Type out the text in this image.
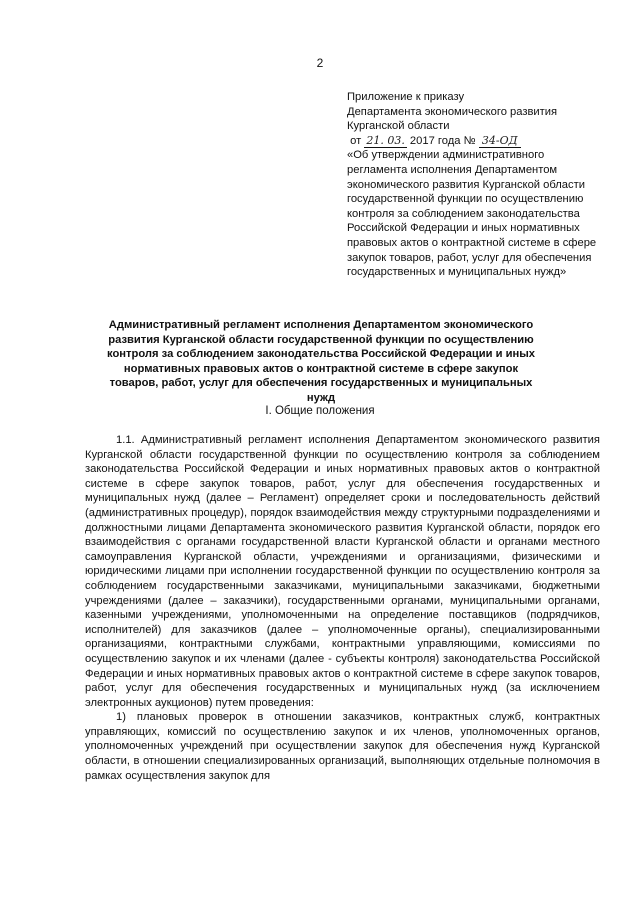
2
Приложение к приказу
Департамента экономического развития
Курганской области
от 21. 03. 2017 года № 34-ОД
«Об утверждении административного регламента исполнения Департаментом экономического развития Курганской области государственной функции по осуществлению контроля за соблюдением законодательства Российской Федерации и иных нормативных правовых актов о контрактной системе в сфере закупок товаров, работ, услуг для обеспечения государственных и муниципальных нужд»
Административный регламент исполнения Департаментом экономического развития Курганской области государственной функции по осуществлению контроля за соблюдением законодательства Российской Федерации и иных нормативных правовых актов о контрактной системе в сфере закупок товаров, работ, услуг для обеспечения государственных и муниципальных нужд
I. Общие положения

1.1. Административный регламент исполнения Департаментом экономического развития Курганской области государственной функции по осуществлению контроля за соблюдением законодательства Российской Федерации и иных нормативных правовых актов о контрактной системе в сфере закупок товаров, работ, услуг для обеспечения государственных и муниципальных нужд (далее – Регламент) определяет сроки и последовательность действий (административных процедур), порядок взаимодействия между структурными подразделениями и должностными лицами Департамента экономического развития Курганской области, порядок его взаимодействия с органами государственной власти Курганской области и органами местного самоуправления Курганской области, учреждениями и организациями, физическими и юридическими лицами при исполнении государственной функции по осуществлению контроля за соблюдением государственными заказчиками, муниципальными заказчиками, бюджетными учреждениями (далее – заказчики), государственными органами, муниципальными органами, казенными учреждениями, уполномоченными на определение поставщиков (подрядчиков, исполнителей) для заказчиков (далее – уполномоченные органы), специализированными организациями, контрактными службами, контрактными управляющими, комиссиями по осуществлению закупок и их членами (далее - субъекты контроля) законодательства Российской Федерации и иных нормативных правовых актов о контрактной системе в сфере закупок товаров, работ, услуг для обеспечения государственных и муниципальных нужд (за исключением электронных аукционов) путем проведения:

1) плановых проверок в отношении заказчиков, контрактных служб, контрактных управляющих, комиссий по осуществлению закупок и их членов, уполномоченных органов, уполномоченных учреждений при осуществлении закупок для обеспечения нужд Курганской области, в отношении специализированных организаций, выполняющих отдельные полномочия в рамках осуществления закупок для
